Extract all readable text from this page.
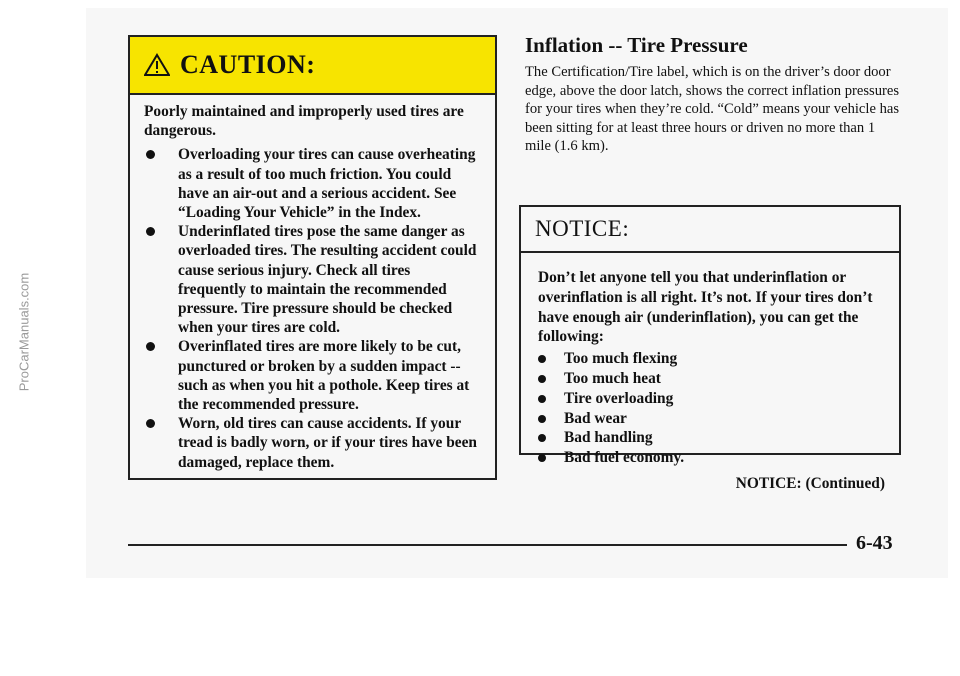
ProCarManuals.com
CAUTION:

Poorly maintained and improperly used tires are dangerous.

Overloading your tires can cause overheating as a result of too much friction. You could have an air-out and a serious accident. See “Loading Your Vehicle” in the Index.
Underinflated tires pose the same danger as overloaded tires. The resulting accident could cause serious injury. Check all tires frequently to maintain the recommended pressure. Tire pressure should be checked when your tires are cold.
Overinflated tires are more likely to be cut, punctured or broken by a sudden impact -- such as when you hit a pothole. Keep tires at the recommended pressure.
Worn, old tires can cause accidents. If your tread is badly worn, or if your tires have been damaged, replace them.
Inflation -- Tire Pressure
The Certification/Tire label, which is on the driver’s door door edge, above the door latch, shows the correct inflation pressures for your tires when they’re cold. “Cold” means your vehicle has been sitting for at least three hours or driven no more than 1 mile (1.6 km).
NOTICE:

Don’t let anyone tell you that underinflation or overinflation is all right. It’s not. If your tires don’t have enough air (underinflation), you can get the following:

Too much flexing
Too much heat
Tire overloading
Bad wear
Bad handling
Bad fuel economy.
NOTICE: (Continued)
6-43
